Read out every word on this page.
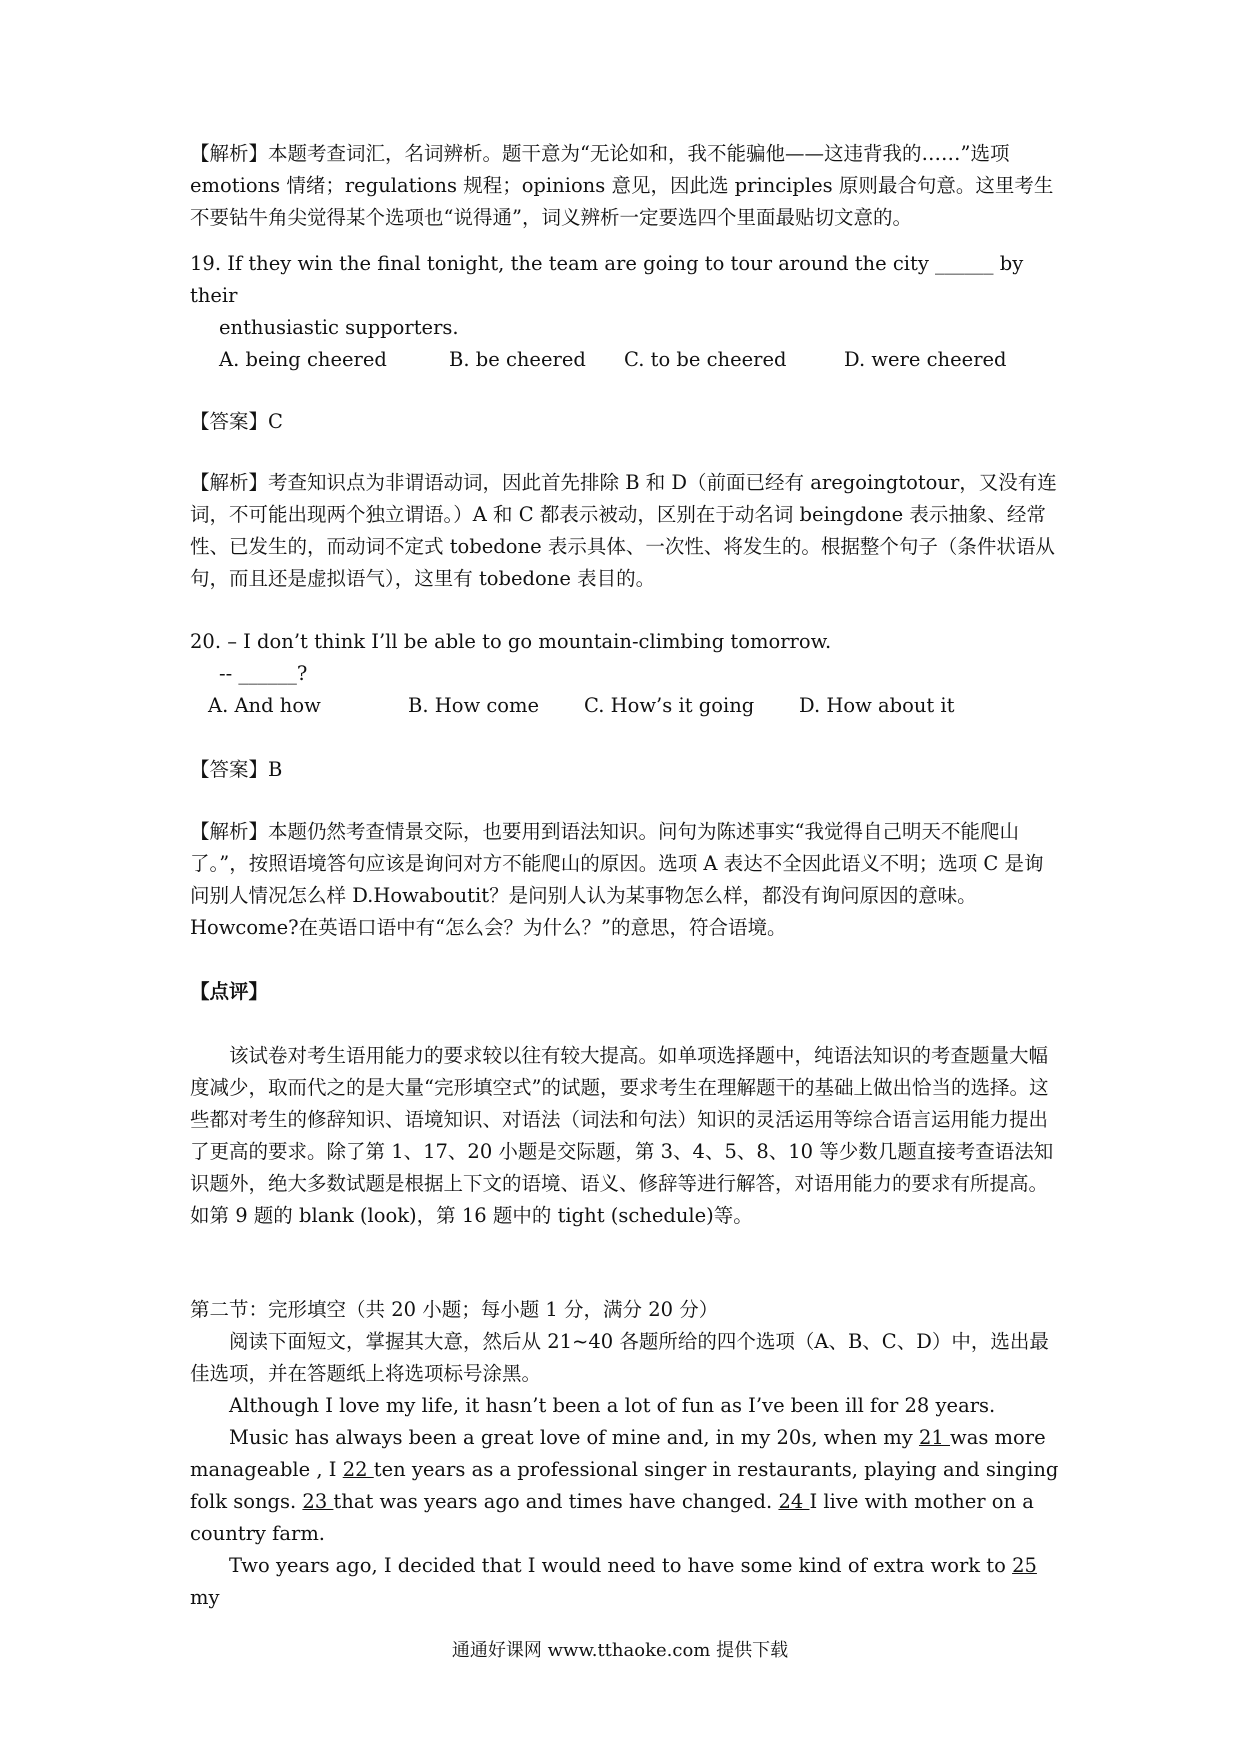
【解析】本题考查词汇，名词辨析。题干意为“无论如和，我不能骗他——这违背我的……”选项 emotions 情绪；regulations 规程；opinions 意见，因此选 principles 原则最合句意。这里考生不要钻牛角尖觉得某个选项也“说得通”，词义辨析一定要选四个里面最贴切文意的。

19. If they win the final tonight, the team are going to tour around the city ______ by their

enthusiastic supporters.

A. being cheered	B. be cheered C. to be cheered	D. were cheered

【答案】C

【解析】考查知识点为非谓语动词，因此首先排除 B 和 D（前面已经有 aregoingtotour，又没有连词，不可能出现两个独立谓语。）A 和 C 都表示被动，区别在于动名词 beingdone 表示抽象、经常性、已发生的，而动词不定式 tobedone 表示具体、一次性、将发生的。根据整个句子（条件状语从句，而且还是虚拟语气），这里有 tobedone 表目的。

20. – I don’t think I’ll be able to go mountain-climbing tomorrow.

-- ______?

A. And how	B. How come C. How’s it going D. How about it

【答案】B

【解析】本题仍然考查情景交际，也要用到语法知识。问句为陈述事实“我觉得自己明天不能爬山了。”，按照语境答句应该是询问对方不能爬山的原因。选项 A 表达不全因此语义不明；选项 C 是询问别人情况怎么样 D.Howaboutit？是问别人认为某事物怎么样，都没有询问原因的意味。Howcome?在英语口语中有“怎么会？为什么？”的意思，符合语境。

【点评】

该试卷对考生语用能力的要求较以往有较大提高。如单项选择题中，纯语法知识的考查题量大幅度减少，取而代之的是大量“完形填空式”的试题，要求考生在理解题干的基础上做出恰当的选择。这些都对考生的修辞知识、语境知识、对语法（词法和句法）知识的灵活运用等综合语言运用能力提出了更高的要求。除了第 1、17、20 小题是交际题，第 3、4、5、8、10 等少数几题直接考查语法知识题外，绝大多数试题是根据上下文的语境、语义、修辞等进行解答，对语用能力的要求有所提高。如第 9 题的 blank (look)，第 16 题中的 tight (schedule)等。

第二节：完形填空（共 20 小题；每小题 1 分，满分 20 分）

阅读下面短文，掌握其大意，然后从 21~40 各题所给的四个选项（A、B、C、D）中，选出最佳选项，并在答题纸上将选项标号涂黑。

Although I love my life, it hasn’t been a lot of fun as I’ve been ill for 28 years.

Music has always been a great love of mine and, in my 20s, when my 21 was more manageable , I 22 ten years as a professional singer in restaurants, playing and singing folk songs. 23 that was years ago and times have changed. 24 I live with mother on a country farm.

Two years ago, I decided that I would need to have some kind of extra work to 25 my

通通好课网 www.tthaoke.com 提供下载
